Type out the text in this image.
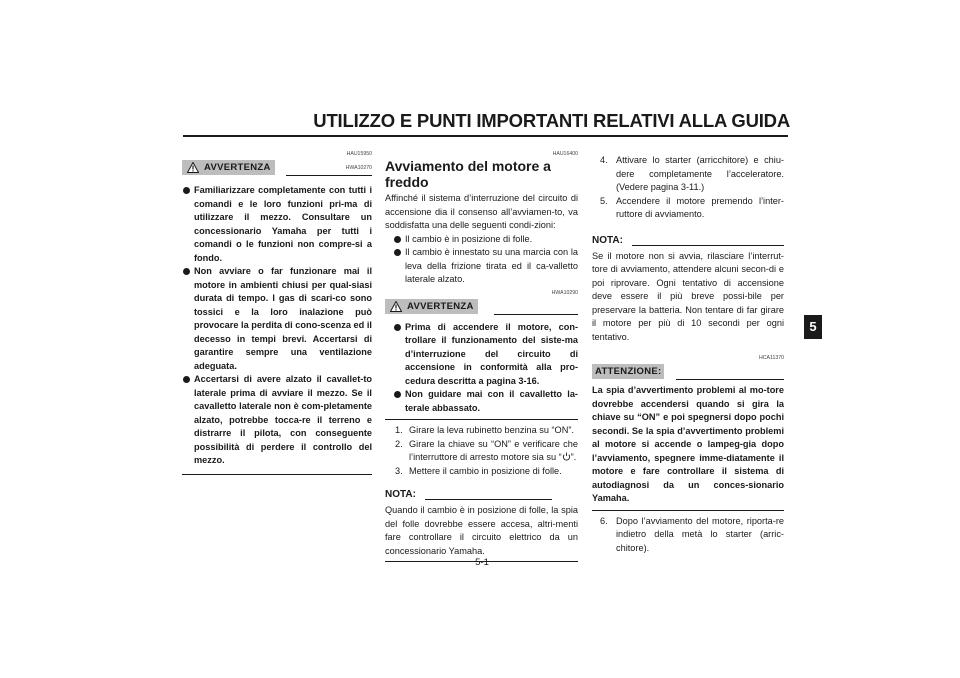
UTILIZZO E PUNTI IMPORTANTI RELATIVI ALLA GUIDA
5
HAU15950
AVVERTENZA	HWA10270
Familiarizzare completamente con tutti i comandi e le loro funzioni pri-ma di utilizzare il mezzo. Consultare un concessionario Yamaha per tutti i comandi o le funzioni non compre-si a fondo.
Non avviare o far funzionare mai il motore in ambienti chiusi per qual-siasi durata di tempo. I gas di scari-co sono tossici e la loro inalazione può provocare la perdita di cono-scenza ed il decesso in tempi brevi. Accertarsi di garantire sempre una ventilazione adeguata.
Accertarsi di avere alzato il cavallet-to laterale prima di avviare il mezzo. Se il cavalletto laterale non è com-pletamente alzato, potrebbe tocca-re il terreno e distrarre il pilota, con conseguente possibilità di perdere il controllo del mezzo.
HAU16400
Avviamento del motore a freddo

Affinché il sistema d’interruzione del circuito di accensione dia il consenso all’avviamen-to, va soddisfatta una delle seguenti condi-zioni:

Il cambio è in posizione di folle.
Il cambio è innestato su una marcia con la leva della frizione tirata ed il ca-valletto laterale alzato.
HWA10290
AVVERTENZA
Prima di accendere il motore, con-trollare il funzionamento del siste-ma d’interruzione del circuito di accensione in conformità alla pro-cedura descritta a pagina 3-16.
Non guidare mai con il cavalletto la-terale abbassato.
1. Girare la leva rubinetto benzina su “ON”.
2. Girare la chiave su “ON” e verificare che l’interruttore di arresto motore sia su “ ”.
3. Mettere il cambio in posizione di folle.
NOTA:

Quando il cambio è in posizione di folle, la spia del folle dovrebbe essere accesa, altri-menti fare controllare il circuito elettrico da un concessionario Yamaha.

4. Attivare lo starter (arricchitore) e chiu-dere completamente l’acceleratore. (Vedere pagina 3-11.)
5. Accendere il motore premendo l’inter-ruttore di avviamento.
NOTA:

Se il motore non si avvia, rilasciare l’interrut-tore di avviamento, attendere alcuni secon-di e poi riprovare. Ogni tentativo di accensione deve essere il più breve possi-bile per preservare la batteria. Non tentare di far girare il motore per più di 10 secondi per ogni tentativo.

HCA11370
ATTENZIONE:

La spia d’avvertimento problemi al mo-tore dovrebbe accendersi quando si gira la chiave su “ON” e poi spegnersi dopo pochi secondi. Se la spia d’avvertimento problemi al motore si accende o lampeg-gia dopo l’avviamento, spegnere imme-diatamente il motore e fare controllare il sistema di autodiagnosi da un conces-sionario Yamaha.

6. Dopo l’avviamento del motore, riporta-re indietro della metà lo starter (arric-chitore).
5-1
